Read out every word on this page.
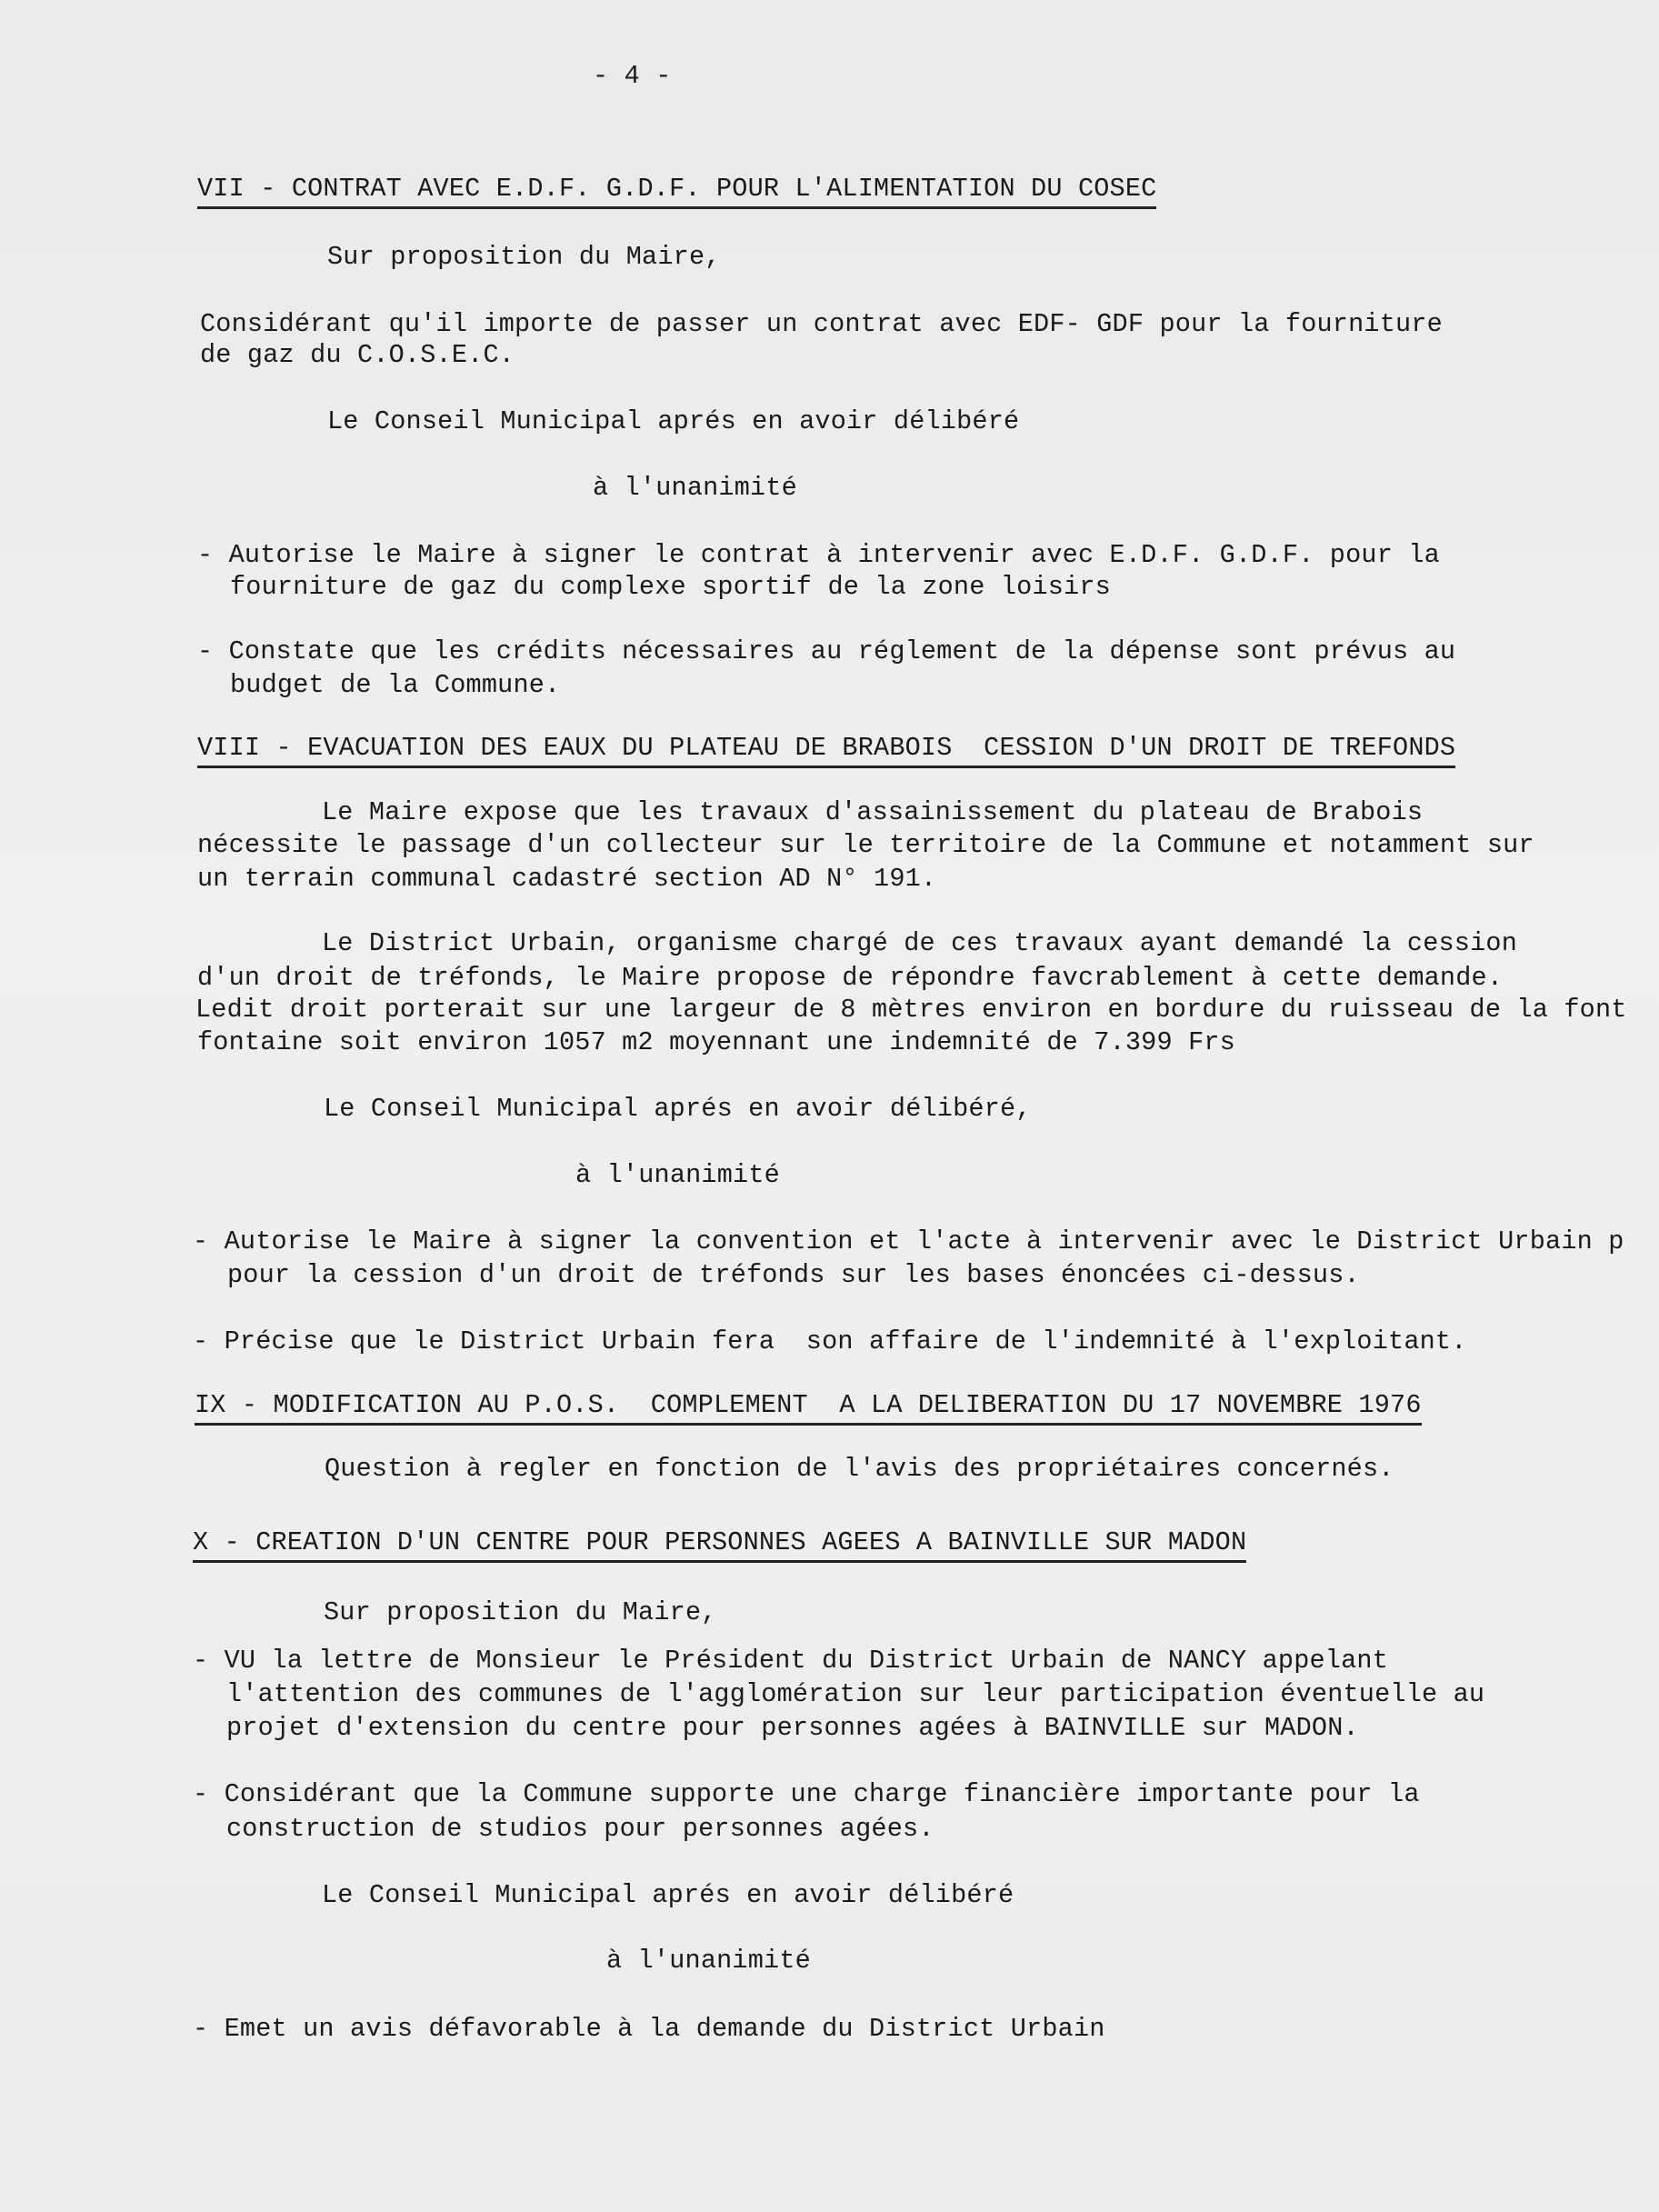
- 4 -
VII - CONTRAT AVEC E.D.F. G.D.F. POUR L'ALIMENTATION DU COSEC
Sur proposition du Maire,
Considérant qu'il importe de passer un contrat avec EDF- GDF pour la fourniture
de gaz du C.O.S.E.C.
Le Conseil Municipal aprés en avoir délibéré
à l'unanimité
- Autorise le Maire à signer le contrat à intervenir avec E.D.F. G.D.F. pour la
fourniture de gaz du complexe sportif de la zone loisirs
- Constate que les crédits nécessaires au réglement de la dépense sont prévus au
budget de la Commune.
VIII - EVACUATION DES EAUX DU PLATEAU DE BRABOIS  CESSION D'UN DROIT DE TREFONDS
Le Maire expose que les travaux d'assainissement du plateau de Brabois
nécessite le passage d'un collecteur sur le territoire de la Commune et notamment sur
un terrain communal cadastré section AD N° 191.
Le District Urbain, organisme chargé de ces travaux ayant demandé la cession
d'un droit de tréfonds, le Maire propose de répondre favcrablement à cette demande.
Ledit droit porterait sur une largeur de 8 mètres environ en bordure du ruisseau de la font
fontaine soit environ 1057 m2 moyennant une indemnité de 7.399 Frs
Le Conseil Municipal aprés en avoir délibéré,
à l'unanimité
- Autorise le Maire à signer la convention et l'acte à intervenir avec le District Urbain p
pour la cession d'un droit de tréfonds sur les bases énoncées ci-dessus.
- Précise que le District Urbain fera  son affaire de l'indemnité à l'exploitant.
IX - MODIFICATION AU P.O.S.  COMPLEMENT  A LA DELIBERATION DU 17 NOVEMBRE 1976
Question à regler en fonction de l'avis des propriétaires concernés.
X - CREATION D'UN CENTRE POUR PERSONNES AGEES A BAINVILLE SUR MADON
Sur proposition du Maire,
- VU la lettre de Monsieur le Président du District Urbain de NANCY appelant
l'attention des communes de l'agglomération sur leur participation éventuelle au
projet d'extension du centre pour personnes agées à BAINVILLE sur MADON.
- Considérant que la Commune supporte une charge financière importante pour la
construction de studios pour personnes agées.
Le Conseil Municipal aprés en avoir délibéré
à l'unanimité
- Emet un avis défavorable à la demande du District Urbain
